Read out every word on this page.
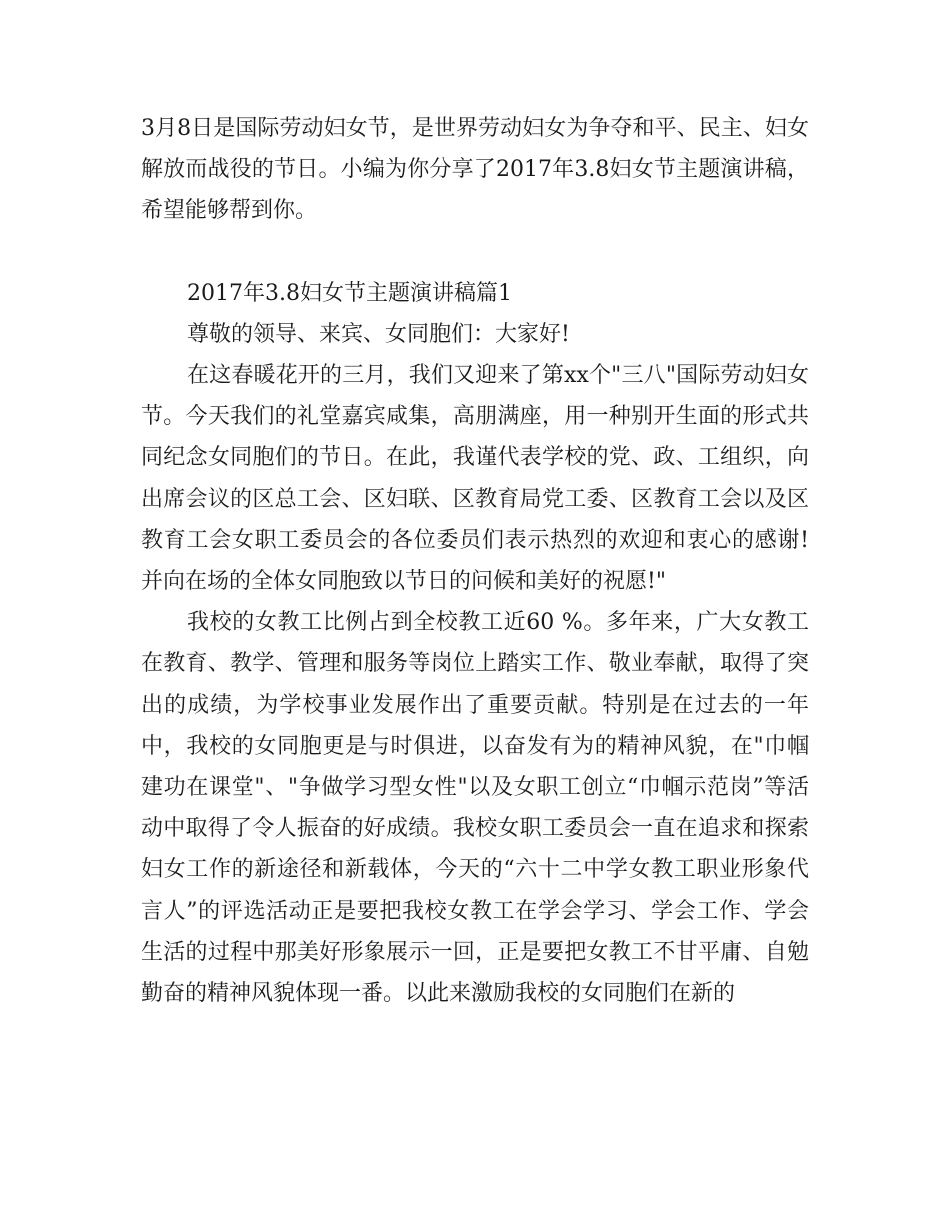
3月8日是国际劳动妇女节，是世界劳动妇女为争夺和平、民主、妇女解放而战役的节日。小编为你分享了2017年3.8妇女节主题演讲稿，希望能够帮到你。

2017年3.8妇女节主题演讲稿篇1

尊敬的领导、来宾、女同胞们：大家好!

在这春暖花开的三月，我们又迎来了第xx个"三八"国际劳动妇女节。今天我们的礼堂嘉宾咸集，高朋满座，用一种别开生面的形式共同纪念女同胞们的节日。在此，我谨代表学校的党、政、工组织，向出席会议的区总工会、区妇联、区教育局党工委、区教育工会以及区教育工会女职工委员会的各位委员们表示热烈的欢迎和衷心的感谢!并向在场的全体女同胞致以节日的问候和美好的祝愿!"

我校的女教工比例占到全校教工近60 %。多年来，广大女教工在教育、教学、管理和服务等岗位上踏实工作、敬业奉献，取得了突出的成绩，为学校事业发展作出了重要贡献。特别是在过去的一年中，我校的女同胞更是与时俱进，以奋发有为的精神风貌，在"巾帼建功在课堂"、"争做学习型女性"以及女职工创立“巾帼示范岗”等活动中取得了令人振奋的好成绩。我校女职工委员会一直在追求和探索妇女工作的新途径和新载体，今天的“六十二中学女教工职业形象代言人”的评选活动正是要把我校女教工在学会学习、学会工作、学会生活的过程中那美好形象展示一回，正是要把女教工不甘平庸、自勉勤奋的精神风貌体现一番。以此来激励我校的女同胞们在新的
